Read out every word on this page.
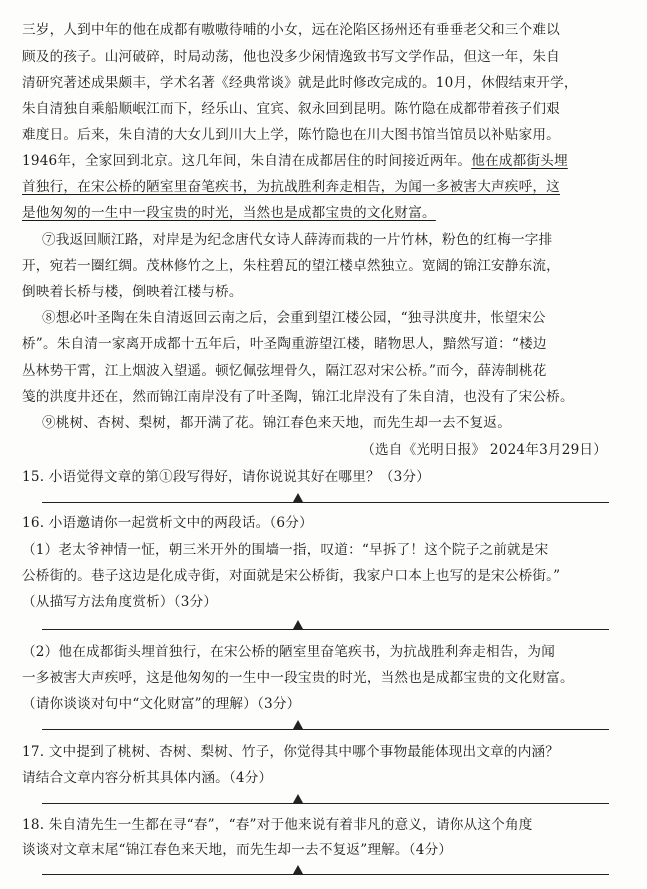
三岁，人到中年的他在成都有嗷嗷待哺的小女，远在沦陷区扬州还有垂垂老父和三个难以
顾及的孩子。山河破碎，时局动荡，他也没多少闲情逸致书写文学作品，但这一年，朱自
清研究著述成果颇丰，学术名著《经典常谈》就是此时修改完成的。10月，休假结束开学，
朱自清独自乘船顺岷江而下，经乐山、宜宾、叙永回到昆明。陈竹隐在成都带着孩子们艰
难度日。后来，朱自清的大女儿到川大上学，陈竹隐也在川大图书馆当馆员以补贴家用。
1946年，全家回到北京。这几年间，朱自清在成都居住的时间接近两年。他在成都街头埋
首独行，在宋公桥的陋室里奋笔疾书，为抗战胜利奔走相告，为闻一多被害大声疾呼，这
是他匆匆的一生中一段宝贵的时光，当然也是成都宝贵的文化财富。
⑦我返回顺江路，对岸是为纪念唐代女诗人薛涛而栽的一片竹林，粉色的红梅一字排
开，宛若一圈红绸。茂林修竹之上，朱柱碧瓦的望江楼卓然独立。宽阔的锦江安静东流，
倒映着长桥与楼，倒映着江楼与桥。
⑧想必叶圣陶在朱自清返回云南之后，会重到望江楼公园，“独寻洪度井，怅望宋公
桥”。朱自清一家离开成都十五年后，叶圣陶重游望江楼，睹物思人，黯然写道：“楼边
丛林势干霄，江上烟波入望遥。顿忆佩弦埋骨久，隔江忍对宋公桥。”而今，薛涛制桃花
笺的洪度井还在，然而锦江南岸没有了叶圣陶，锦江北岸没有了朱自清，也没有了宋公桥。
⑨桃树、杏树、梨树，都开满了花。锦江春色来天地，而先生却一去不复返。
（选自《光明日报》 2024年3月29日）
15. 小语觉得文章的第①段写得好，请你说说其好在哪里？（3分）
16. 小语邀请你一起赏析文中的两段话。（6分）
（1）老太爷神情一怔，朝三米开外的围墙一指，叹道：“早拆了！这个院子之前就是宋
公桥街的。巷子这边是化成寺街，对面就是宋公桥街，我家户口本上也写的是宋公桥街。”
（从描写方法角度赏析）（3分）
（2）他在成都街头埋首独行，在宋公桥的陋室里奋笔疾书，为抗战胜利奔走相告，为闻
一多被害大声疾呼，这是他匆匆的一生中一段宝贵的时光，当然也是成都宝贵的文化财富。
（请你谈谈对句中“文化财富”的理解）（3分）
17. 文中提到了桃树、杏树、梨树、竹子，你觉得其中哪个事物最能体现出文章的内涵？
请结合文章内容分析其具体内涵。（4分）
18. 朱自清先生一生都在寻“春”，“春”对于他来说有着非凡的意义，请你从这个角度
谈谈对文章末尾“锦江春色来天地，而先生却一去不复返”理解。（4分）
